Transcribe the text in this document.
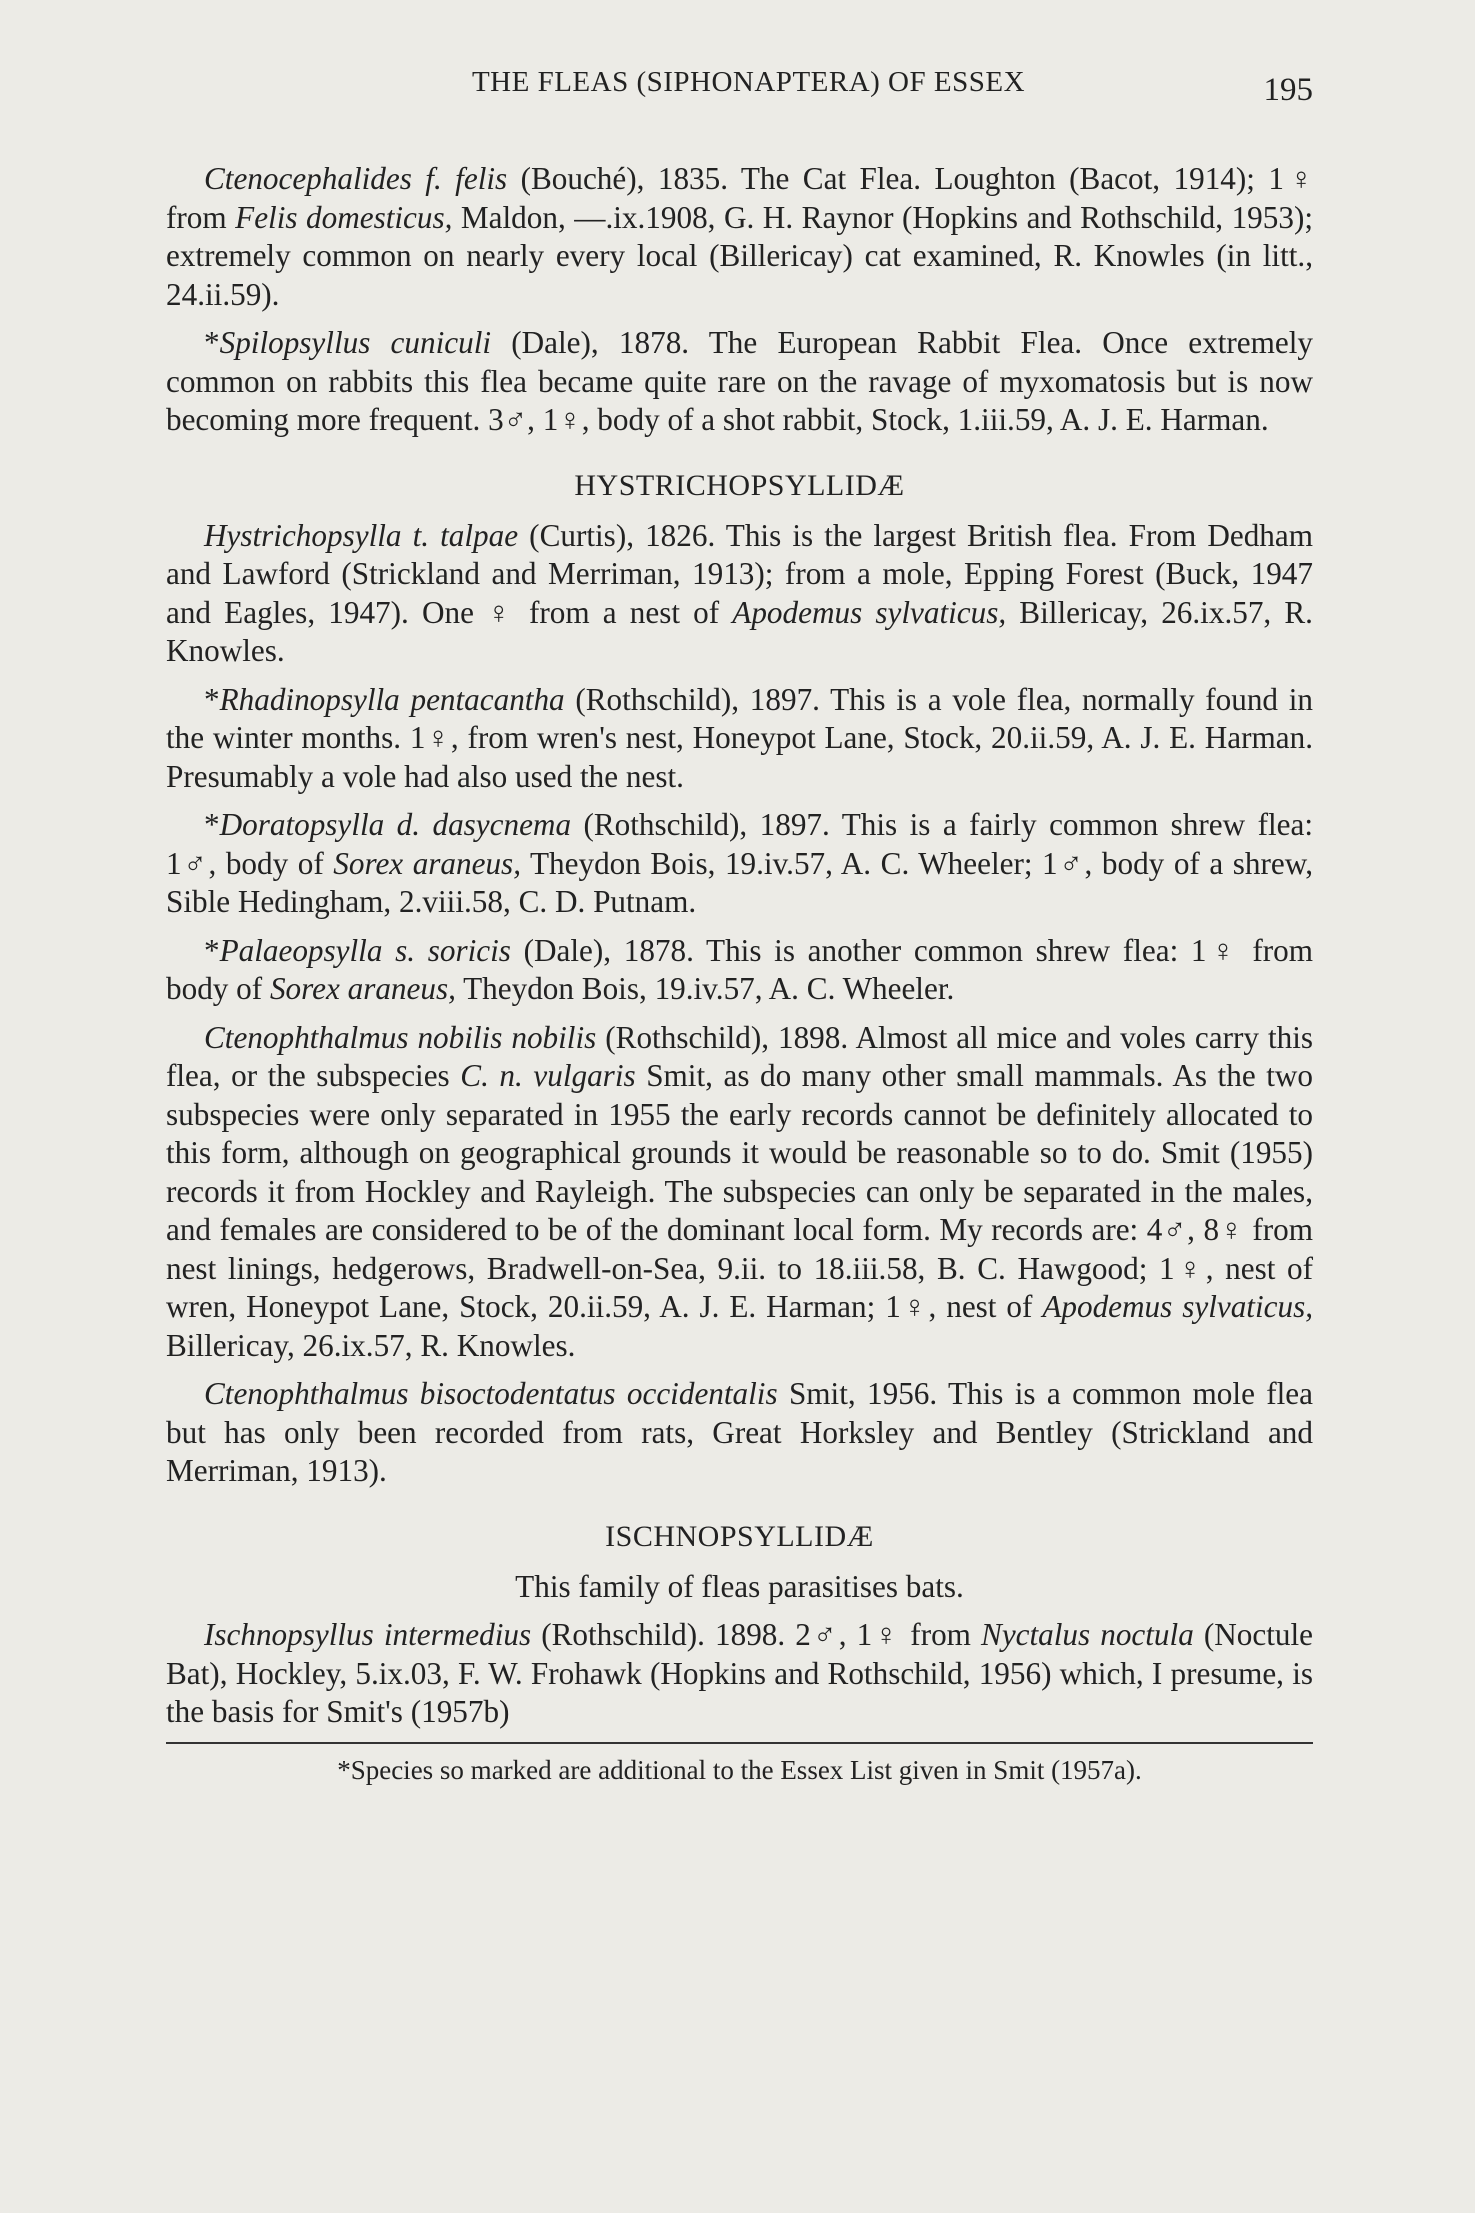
THE FLEAS (SIPHONAPTERA) OF ESSEX	195

Ctenocephalides f. felis (Bouché), 1835. The Cat Flea. Loughton (Bacot, 1914); 1♀ from Felis domesticus, Maldon, —.ix.1908, G. H. Raynor (Hopkins and Rothschild, 1953); extremely common on nearly every local (Billericay) cat examined, R. Knowles (in litt., 24.ii.59).

*Spilopsyllus cuniculi (Dale), 1878. The European Rabbit Flea. Once extremely common on rabbits this flea became quite rare on the ravage of myxomatosis but is now becoming more frequent. 3♂, 1♀, body of a shot rabbit, Stock, 1.iii.59, A. J. E. Harman.

HYSTRICHOPSYLLIDÆ

Hystrichopsylla t. talpae (Curtis), 1826. This is the largest British flea. From Dedham and Lawford (Strickland and Merriman, 1913); from a mole, Epping Forest (Buck, 1947 and Eagles, 1947). One ♀ from a nest of Apodemus sylvaticus, Billericay, 26.ix.57, R. Knowles.

*Rhadinopsylla pentacantha (Rothschild), 1897. This is a vole flea, normally found in the winter months. 1♀, from wren's nest, Honeypot Lane, Stock, 20.ii.59, A. J. E. Harman. Presumably a vole had also used the nest.

*Doratopsylla d. dasycnema (Rothschild), 1897. This is a fairly common shrew flea: 1♂, body of Sorex araneus, Theydon Bois, 19.iv.57, A. C. Wheeler; 1♂, body of a shrew, Sible Hedingham, 2.viii.58, C. D. Putnam.

*Palaeopsylla s. soricis (Dale), 1878. This is another common shrew flea: 1♀ from body of Sorex araneus, Theydon Bois, 19.iv.57, A. C. Wheeler.

Ctenophthalmus nobilis nobilis (Rothschild), 1898. Almost all mice and voles carry this flea, or the subspecies C. n. vulgaris Smit, as do many other small mammals. As the two subspecies were only separated in 1955 the early records cannot be definitely allocated to this form, although on geographical grounds it would be reasonable so to do. Smit (1955) records it from Hockley and Rayleigh. The subspecies can only be separated in the males, and females are considered to be of the dominant local form. My records are: 4♂, 8♀ from nest linings, hedgerows, Bradwell-on-Sea, 9.ii. to 18.iii.58, B. C. Hawgood; 1♀, nest of wren, Honeypot Lane, Stock, 20.ii.59, A. J. E. Harman; 1♀, nest of Apodemus sylvaticus, Billericay, 26.ix.57, R. Knowles.

Ctenophthalmus bisoctodentatus occidentalis Smit, 1956. This is a common mole flea but has only been recorded from rats, Great Horksley and Bentley (Strickland and Merriman, 1913).

ISCHNOPSYLLIDÆ

This family of fleas parasitises bats.

Ischnopsyllus intermedius (Rothschild). 1898. 2♂, 1♀ from Nyctalus noctula (Noctule Bat), Hockley, 5.ix.03, F. W. Frohawk (Hopkins and Rothschild, 1956) which, I presume, is the basis for Smit's (1957b)

*Species so marked are additional to the Essex List given in Smit (1957a).
